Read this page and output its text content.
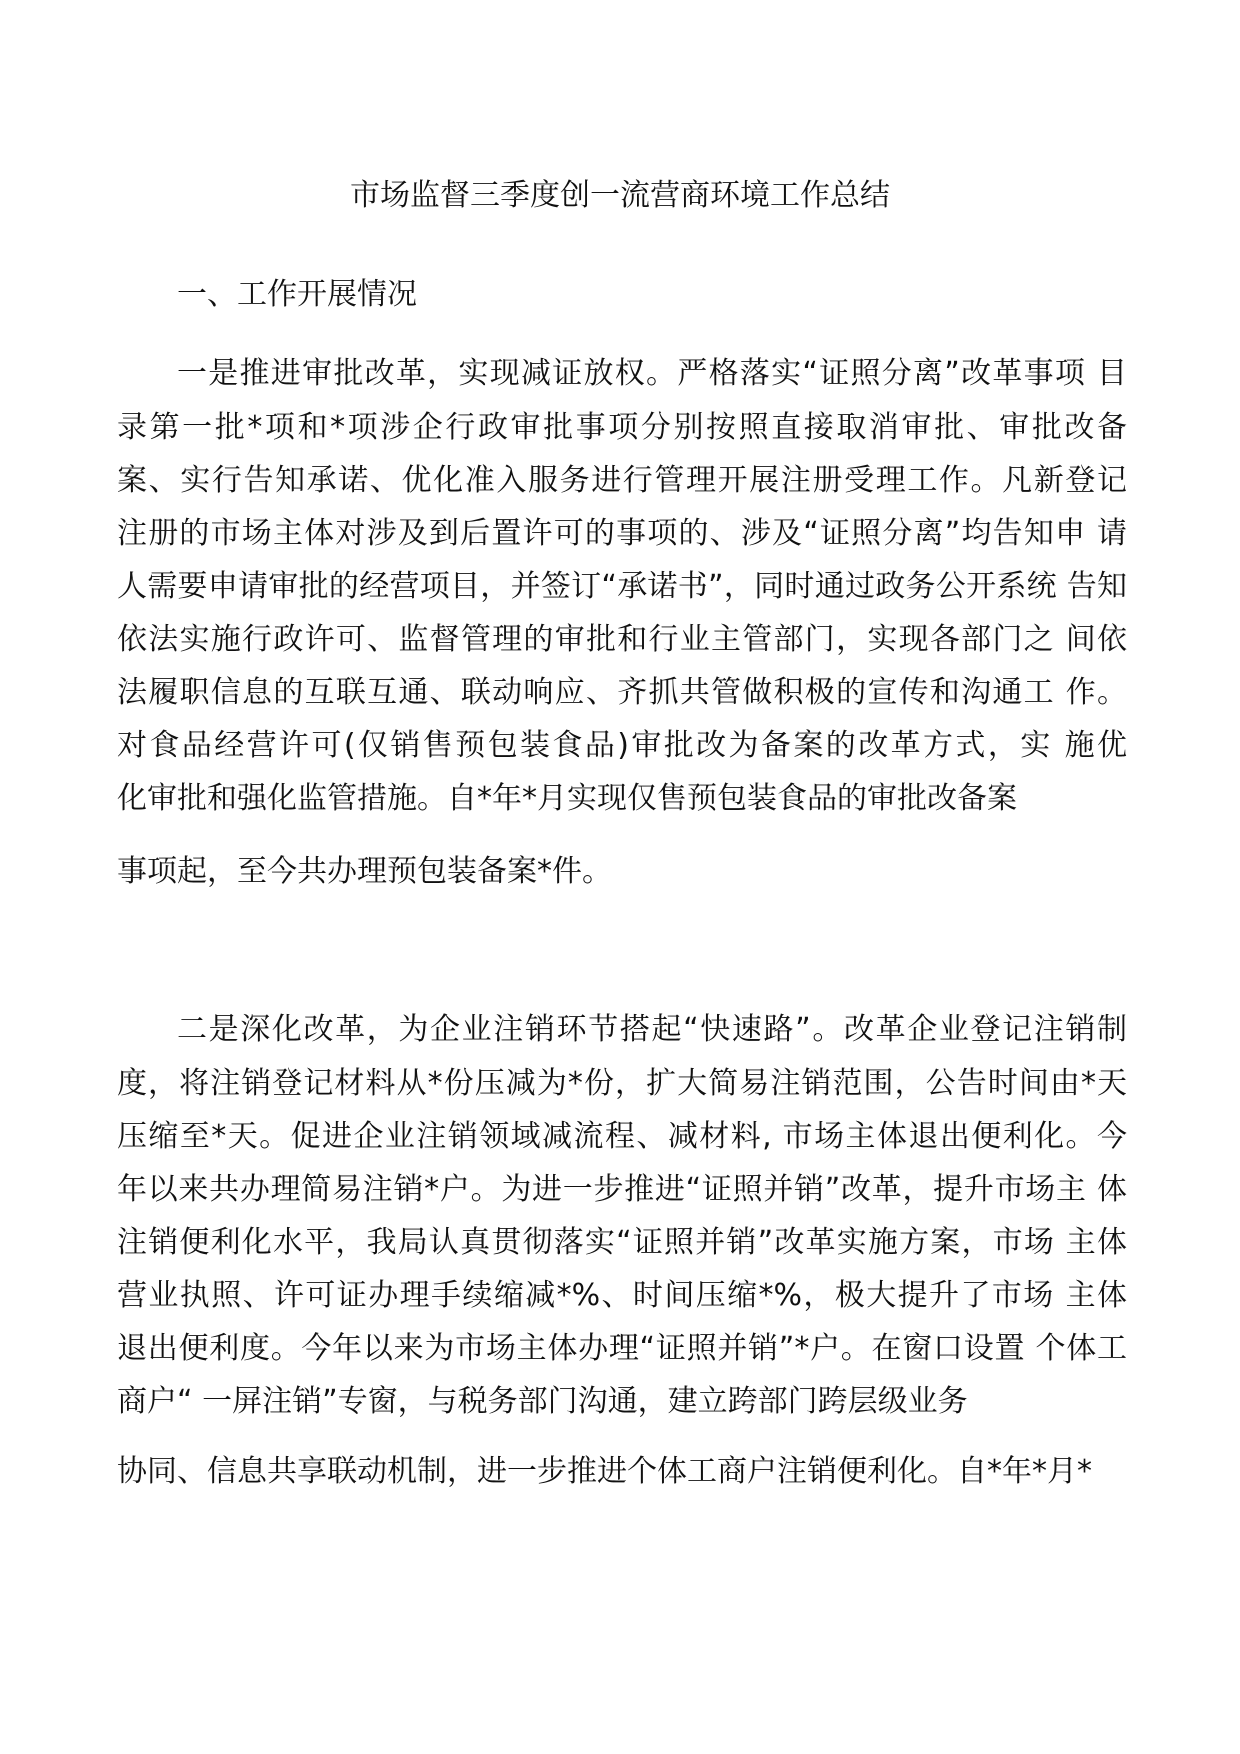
市场监督三季度创一流营商环境工作总结
一、工作开展情况
一是推进审批改革，实现减证放权。严格落实“证照分离”改革事项 目
录第一批*项和*项涉企行政审批事项分别按照直接取消审批、审批改备
案、实行告知承诺、优化准入服务进行管理开展注册受理工作。凡新登记
注册的市场主体对涉及到后置许可的事项的、涉及“证照分离”均告知申 请
人需要申请审批的经营项目，并签订“承诺书”，同时通过政务公开系统 告知
依法实施行政许可、监督管理的审批和行业主管部门，实现各部门之 间依
法履职信息的互联互通、联动响应、齐抓共管做积极的宣传和沟通工 作。
对食品经营许可(仅销售预包装食品)审批改为备案的改革方式，实 施优
化审批和强化监管措施。自*年*月实现仅售预包装食品的审批改备案
事项起，至今共办理预包装备案*件。
二是深化改革，为企业注销环节搭起“快速路”。改革企业登记注销制
度，将注销登记材料从*份压减为*份，扩大简易注销范围，公告时间由*天
压缩至*天。促进企业注销领域减流程、减材料, 市场主体退出便利化。今
年以来共办理简易注销*户。为进一步推进“证照并销”改革，提升市场主 体
注销便利化水平，我局认真贯彻落实“证照并销”改革实施方案，市场 主体
营业执照、许可证办理手续缩减*%、时间压缩*%，极大提升了市场 主体
退出便利度。今年以来为市场主体办理“证照并销”*户。在窗口设置 个体工
商户“ 一屏注销”专窗，与税务部门沟通，建立跨部门跨层级业务
协同、信息共享联动机制，进一步推进个体工商户注销便利化。自*年*月*
